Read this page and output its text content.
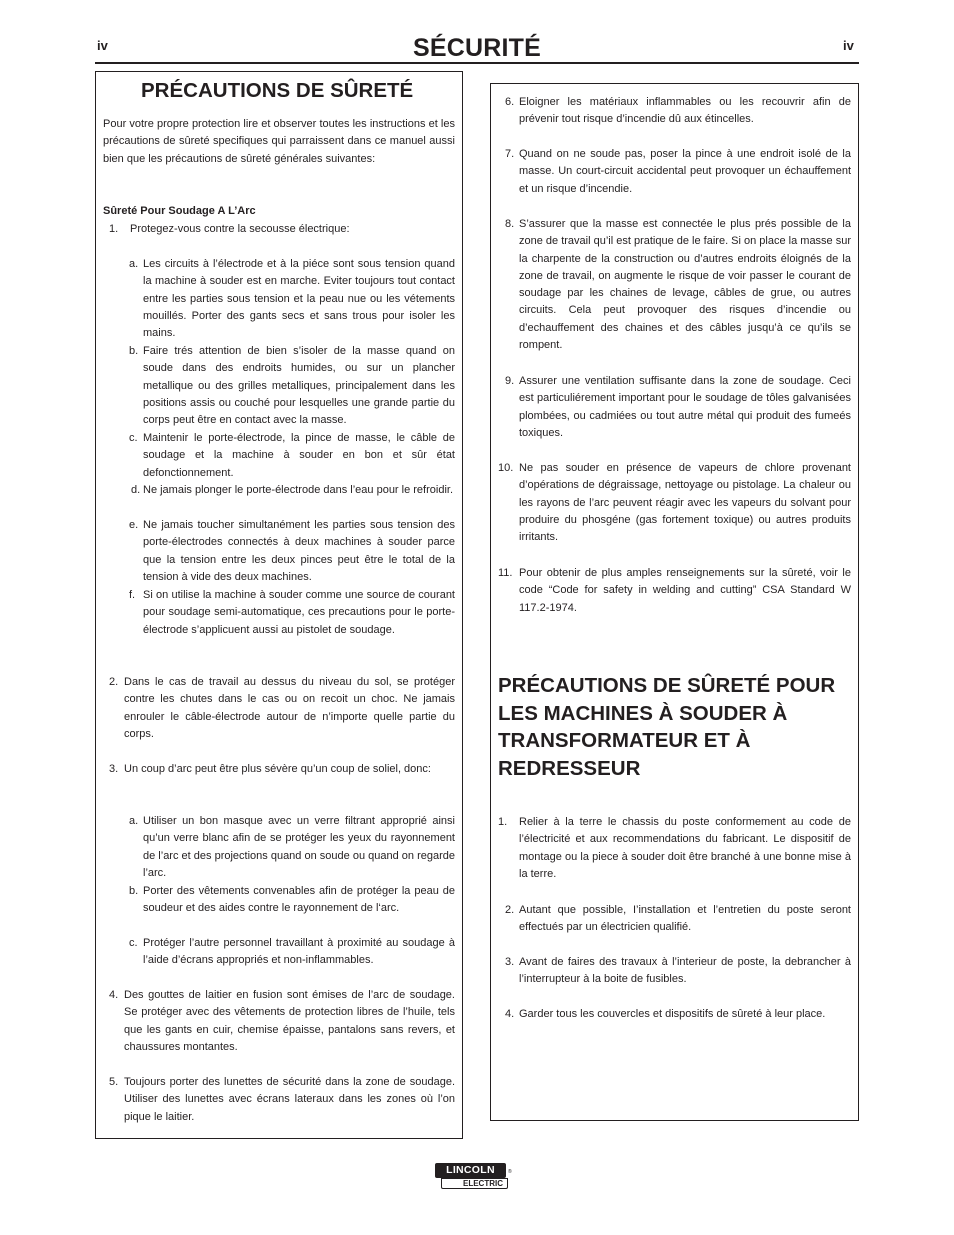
iv	SÉCURITÉ	iv
PRÉCAUTIONS DE SÛRETÉ
Pour votre propre protection lire et observer toutes les instructions et les précautions de sûreté specifiques qui parraissent dans ce manuel aussi bien que les précautions de sûreté générales suivantes:
Sûreté Pour Soudage A L’Arc
1. Protegez-vous contre la secousse électrique:
a. Les circuits à l’électrode et à la piéce sont sous tension quand la machine à souder est en marche. Eviter toujours tout contact entre les parties sous tension et la peau nue ou les vétements mouillés. Porter des gants secs et sans trous pour isoler les mains.
b. Faire trés attention de bien s’isoler de la masse quand on soude dans des endroits humides, ou sur un plancher metallique ou des grilles metalliques, principalement dans les positions assis ou couché pour lesquelles une grande partie du corps peut être en contact avec la masse.
c. Maintenir le porte-électrode, la pince de masse, le câble de soudage et la machine à souder en bon et sûr état defonctionnement.
d. Ne jamais plonger le porte-électrode dans l’eau pour le refroidir.
e. Ne jamais toucher simultanément les parties sous tension des porte-électrodes connectés à deux machines à souder parce que la tension entre les deux pinces peut être le total de la tension à vide des deux machines.
f. Si on utilise la machine à souder comme une source de courant pour soudage semi-automatique, ces precautions pour le porte-électrode s’applicuent aussi au pistolet de soudage.
2. Dans le cas de travail au dessus du niveau du sol, se protéger contre les chutes dans le cas ou on recoit un choc. Ne jamais enrouler le câble-électrode autour de n’importe quelle partie du corps.
3. Un coup d’arc peut être plus sévère qu’un coup de soliel, donc:
a. Utiliser un bon masque avec un verre filtrant approprié ainsi qu’un verre blanc afin de se protéger les yeux du rayonnement de l’arc et des projections quand on soude ou quand on regarde l’arc.
b. Porter des vêtements convenables afin de protéger la peau de soudeur et des aides contre le rayonnement de l‘arc.
c. Protéger l’autre personnel travaillant à proximité au soudage à l’aide d’écrans appropriés et non-inflammables.
4. Des gouttes de laitier en fusion sont émises de l’arc de soudage. Se protéger avec des vêtements de protection libres de l’huile, tels que les gants en cuir, chemise épaisse, pantalons sans revers, et chaussures montantes.
5. Toujours porter des lunettes de sécurité dans la zone de soudage. Utiliser des lunettes avec écrans lateraux dans les zones où l’on pique le laitier.
6. Eloigner les matériaux inflammables ou les recouvrir afin de prévenir tout risque d’incendie dû aux étincelles.
7. Quand on ne soude pas, poser la pince à une endroit isolé de la masse. Un court-circuit accidental peut provoquer un échauffement et un risque d’incendie.
8. S’assurer que la masse est connectée le plus prés possible de la zone de travail qu’il est pratique de le faire. Si on place la masse sur la charpente de la construction ou d’autres endroits éloignés de la zone de travail, on augmente le risque de voir passer le courant de soudage par les chaines de levage, câbles de grue, ou autres circuits. Cela peut provoquer des risques d’incendie ou d’echauffement des chaines et des câbles jusqu’à ce qu’ils se rompent.
9. Assurer une ventilation suffisante dans la zone de soudage. Ceci est particuliérement important pour le soudage de tôles galvanisées plombées, ou cadmiées ou tout autre métal qui produit des fumeés toxiques.
10. Ne pas souder en présence de vapeurs de chlore provenant d’opérations de dégraissage, nettoyage ou pistolage. La chaleur ou les rayons de l’arc peuvent réagir avec les vapeurs du solvant pour produire du phosgéne (gas fortement toxique) ou autres produits irritants.
11. Pour obtenir de plus amples renseignements sur la sûreté, voir le code “Code for safety in welding and cutting” CSA Standard W 117.2-1974.
PRÉCAUTIONS DE SÛRETÉ POUR LES MACHINES À SOUDER À TRANSFORMATEUR ET À REDRESSEUR
1. Relier à la terre le chassis du poste conformement au code de l’électricité et aux recommendations du fabricant. Le dispositif de montage ou la piece à souder doit être branché à une bonne mise à la terre.
2. Autant que possible, I’installation et l’entretien du poste seront effectués par un électricien qualifié.
3. Avant de faires des travaux à l’interieur de poste, la debrancher à l’interrupteur à la boite de fusibles.
4. Garder tous les couvercles et dispositifs de sûreté à leur place.
LINCOLN
ELECTRIC
®
